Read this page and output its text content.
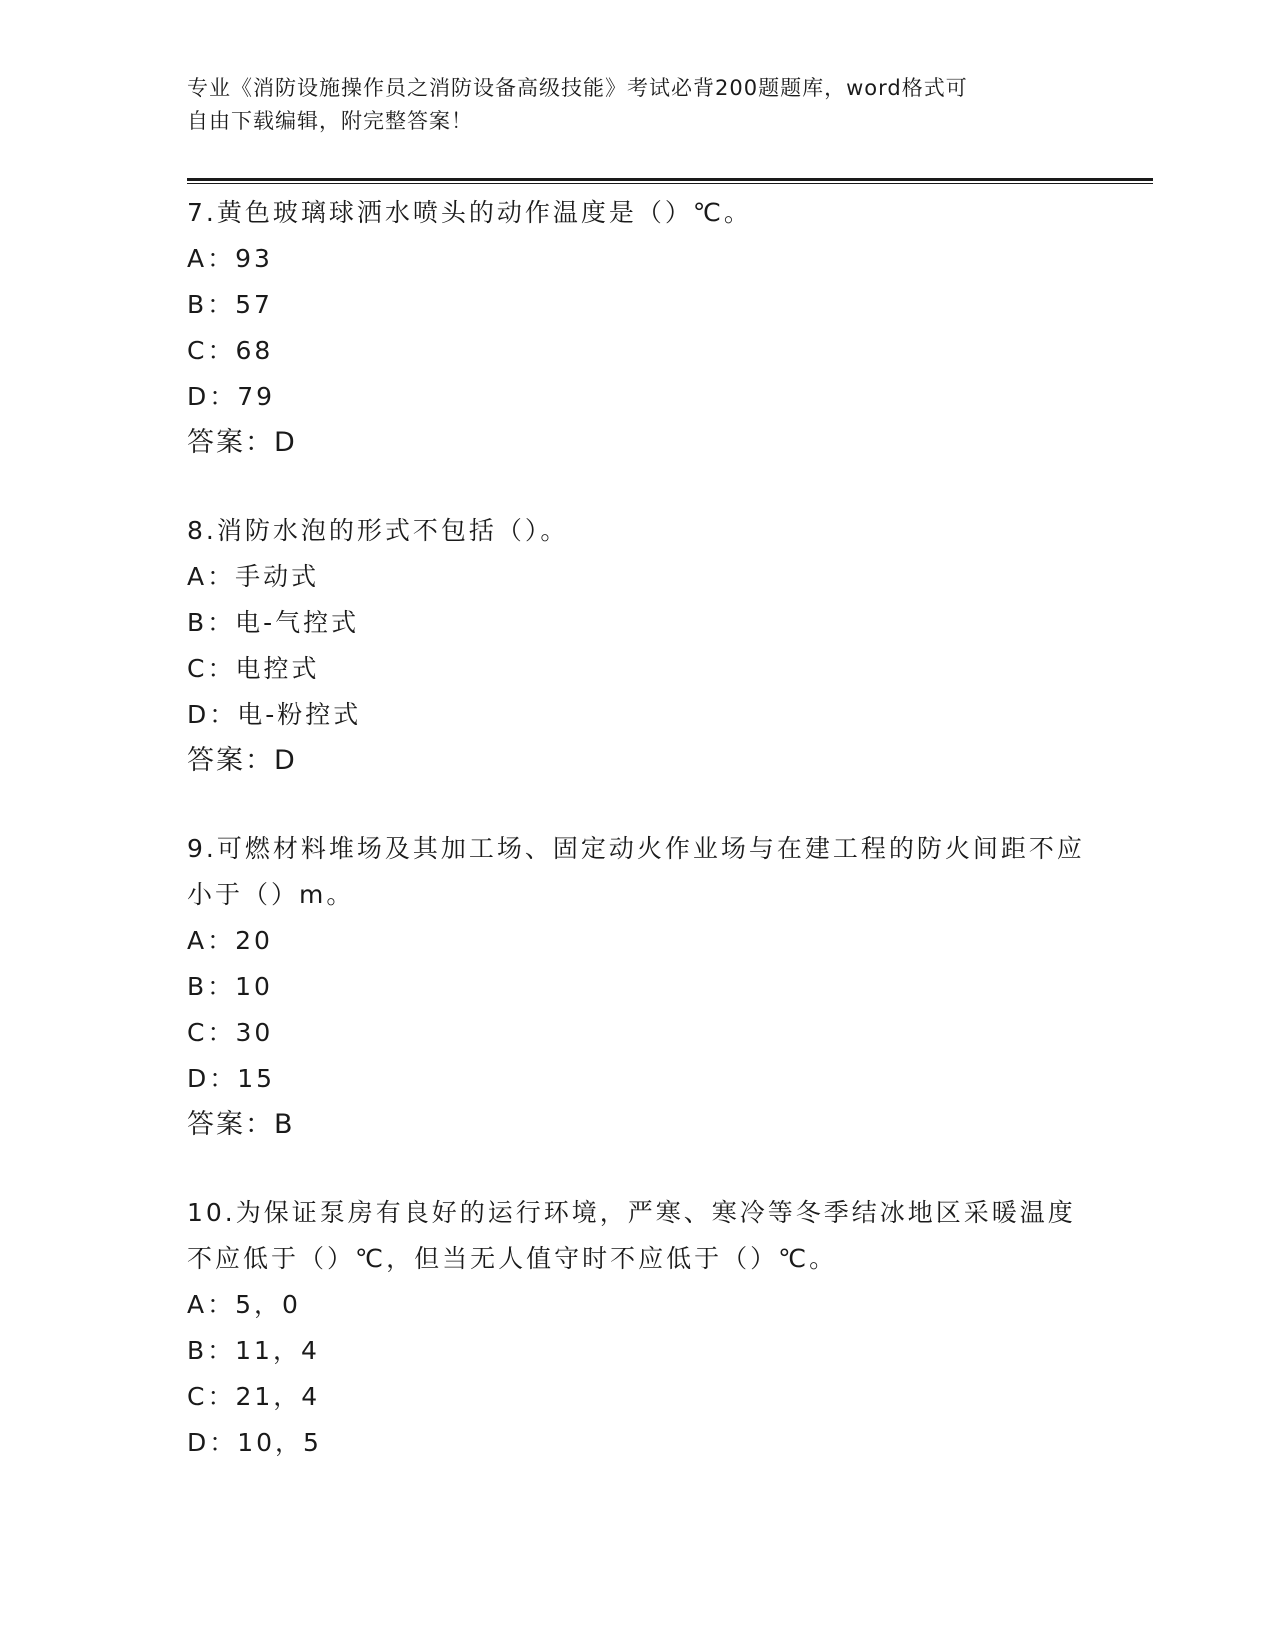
专业《消防设施操作员之消防设备高级技能》考试必背200题题库，word格式可
自由下载编辑，附完整答案！

7.黄色玻璃球洒水喷头的动作温度是（）℃。

A：93
B：57
C：68
D：79
答案：D

8.消防水泡的形式不包括（）。

A：手动式
B：电-气控式
C：电控式
D：电-粉控式
答案：D

9.可燃材料堆场及其加工场、固定动火作业场与在建工程的防火间距不应小于（）m。

A：20
B：10
C：30
D：15
答案：B

10.为保证泵房有良好的运行环境，严寒、寒冷等冬季结冰地区采暖温度不应低于（）℃，但当无人值守时不应低于（）℃。

A：5，0
B：11，4
C：21，4
D：10，5
